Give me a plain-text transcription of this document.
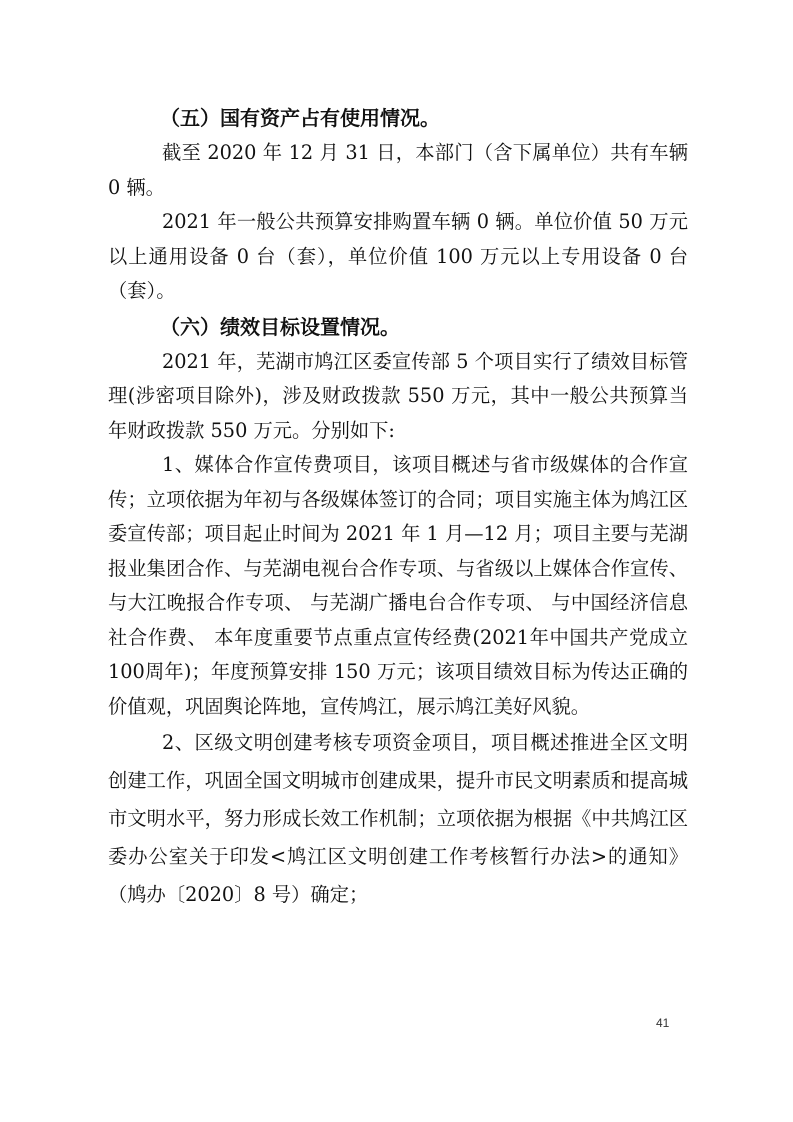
（五）国有资产占有使用情况。

截至 2020 年 12 月 31 日，本部门（含下属单位）共有车辆 0 辆。

2021 年一般公共预算安排购置车辆 0 辆。单位价值 50 万元以上通用设备 0 台（套），单位价值 100 万元以上专用设备 0 台（套）。

（六）绩效目标设置情况。

2021 年，芜湖市鸠江区委宣传部 5 个项目实行了绩效目标管理(涉密项目除外)，涉及财政拨款 550 万元，其中一般公共预算当年财政拨款 550 万元。分别如下:

1、媒体合作宣传费项目，该项目概述与省市级媒体的合作宣传；立项依据为年初与各级媒体签订的合同；项目实施主体为鸠江区委宣传部；项目起止时间为 2021 年 1 月—12 月；项目主要与芜湖报业集团合作、与芜湖电视台合作专项、与省级以上媒体合作宣传、 与大江晚报合作专项、 与芜湖广播电台合作专项、 与中国经济信息社合作费、 本年度重要节点重点宣传经费(2021年中国共产党成立100周年)；年度预算安排 150 万元；该项目绩效目标为传达正确的价值观，巩固舆论阵地，宣传鸠江，展示鸠江美好风貌。

2、区级文明创建考核专项资金项目，项目概述推进全区文明创建工作，巩固全国文明城市创建成果，提升市民文明素质和提高城市文明水平，努力形成长效工作机制；立项依据为根据《中共鸠江区委办公室关于印发<鸠江区文明创建工作考核暂行办法>的通知》（鸠办〔2020〕8 号）确定；

41
